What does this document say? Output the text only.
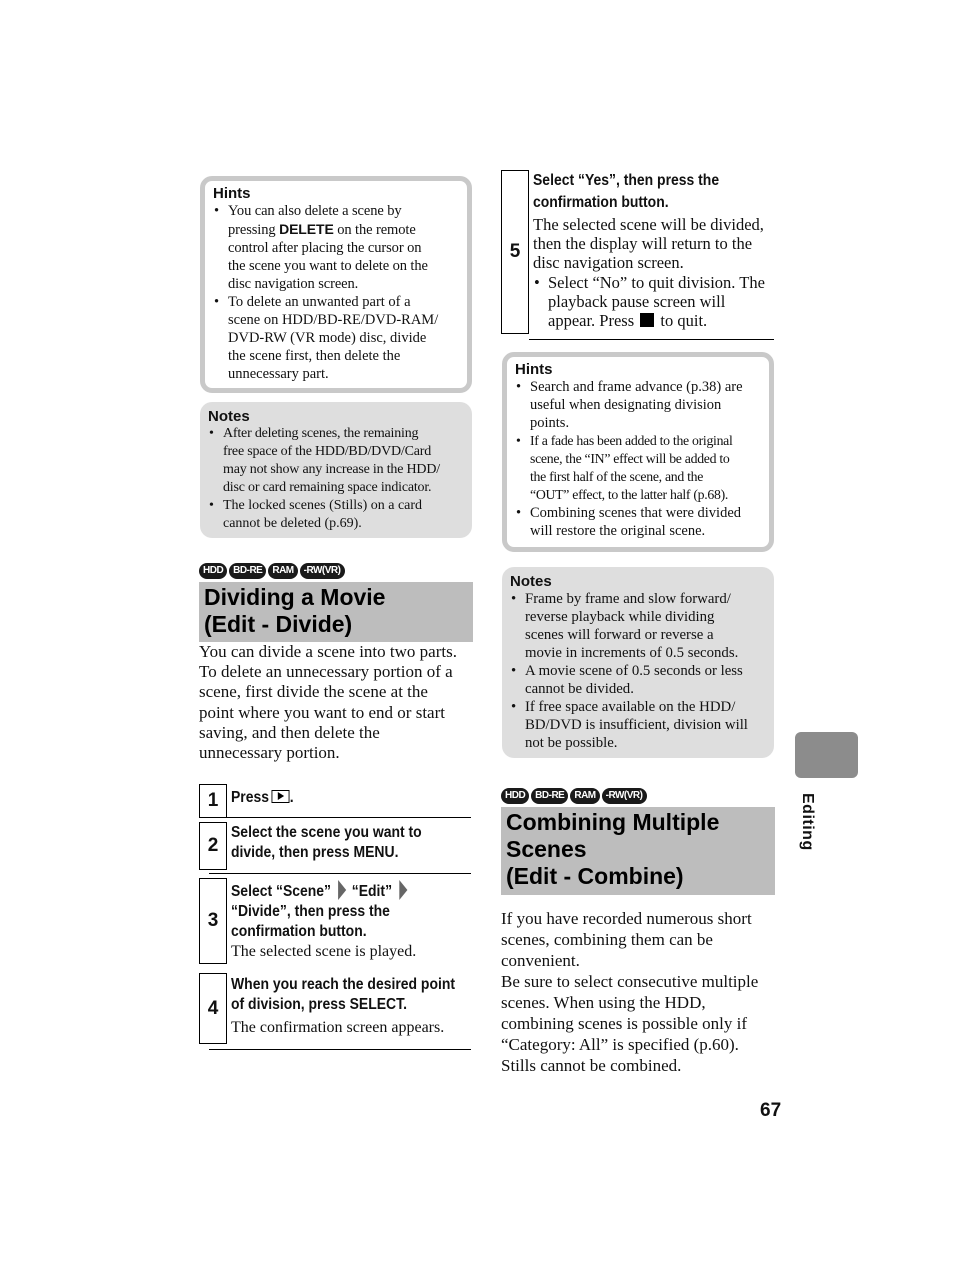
Hints
• You can also delete a scene by
pressing DELETE on the remote
control after placing the cursor on
the scene you want to delete on the
disc navigation screen.
• To delete an unwanted part of a
scene on HDD/BD-RE/DVD-RAM/
DVD-RW (VR mode) disc, divide
the scene first, then delete the
unnecessary part.
Notes
• After deleting scenes, the remaining
free space of the HDD/BD/DVD/Card
may not show any increase in the HDD/
disc or card remaining space indicator.
• The locked scenes (Stills) on a card
cannot be deleted (p.69).
HDD	BD-RE	RAM	-RW(VR)
Dividing a Movie
(Edit - Divide)
You can divide a scene into two parts.
To delete an unnecessary portion of a
scene, first divide the scene at the
point where you want to end or start
saving, and then delete the
unnecessary portion.
1 Press .
2
Select the scene you want to
divide, then press MENU.
3
Select “Scene” “Edit”
“Divide”, then press the
confirmation button.
The selected scene is played.
4
When you reach the desired point
of division, press SELECT.
The confirmation screen appears.
5
Select “Yes”, then press the
confirmation button.
The selected scene will be divided,
then the display will return to the
disc navigation screen.
• Select “No” to quit division. The
playback pause screen will
appear. Press  to quit.
Hints
• Search and frame advance (p.38) are
useful when designating division
points.
• If a fade has been added to the original
scene, the “IN” effect will be added to
the first half of the scene, and the
“OUT” effect, to the latter half (p.68).
• Combining scenes that were divided
will restore the original scene.
Notes
• Frame by frame and slow forward/
reverse playback while dividing
scenes will forward or reverse a
movie in increments of 0.5 seconds.
• A movie scene of 0.5 seconds or less
cannot be divided.
• If free space available on the HDD/
BD/DVD is insufficient, division will
not be possible.
HDD	BD-RE	RAM	-RW(VR)
Combining Multiple
Scenes
(Edit - Combine)
If you have recorded numerous short
scenes, combining them can be
convenient.
Be sure to select consecutive multiple
scenes. When using the HDD,
combining scenes is possible only if
“Category: All” is specified (p.60).
Stills cannot be combined.
Editing
67
